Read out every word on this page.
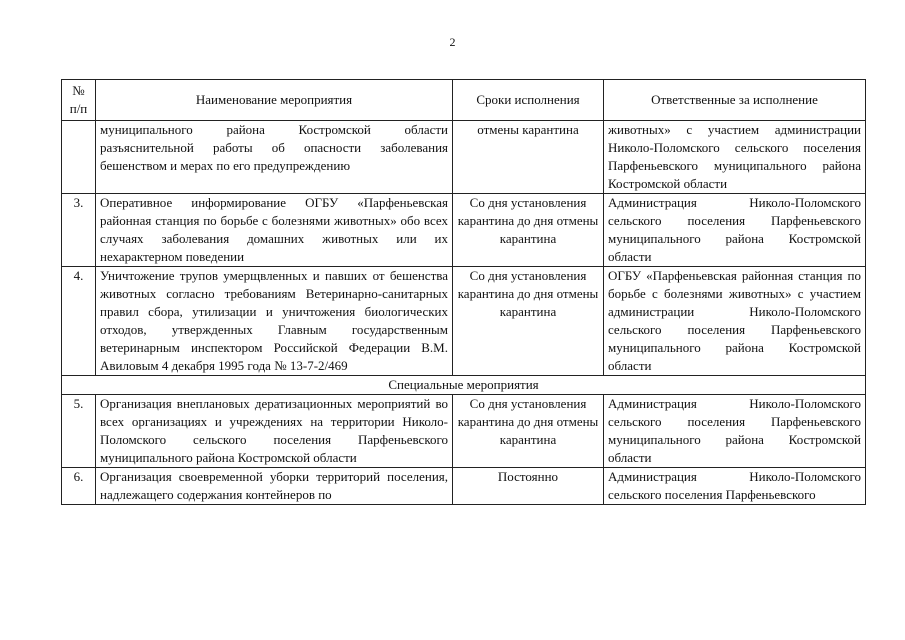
2
№ п/п	Наименование мероприятия	Сроки исполнения	Ответственные за исполнение
	муниципального района Костромской области разъяснительной работы об опасности заболевания бешенством и мерах по его предупреждению	отмены карантина	животных» с участием администрации Николо-Поломского сельского поселения Парфеньевского муниципального района Костромской области
3.	Оперативное информирование ОГБУ «Парфеньевская районная станция по борьбе с болезнями животных» обо всех случаях заболевания домашних животных или их нехарактерном поведении	Со дня установления карантина до дня отмены карантина	Администрация Николо-Поломского сельского поселения Парфеньевского муниципального района Костромской области
4.	Уничтожение трупов умерщвленных и павших от бешенства животных согласно требованиям Ветеринарно-санитарных правил сбора, утилизации и уничтожения биологических отходов, утвержденных Главным государственным ветеринарным инспектором Российской Федерации В.М. Авиловым 4 декабря 1995 года № 13-7-2/469	Со дня установления карантина до дня отмены карантина	ОГБУ «Парфеньевская районная станция по борьбе с болезнями животных» с участием администрации Николо-Поломского сельского поселения Парфеньевского муниципального района Костромской области
Специальные мероприятия			
5.	Организация внеплановых дератизационных мероприятий во всех организациях и учреждениях на территории Николо-Поломского сельского поселения Парфеньевского муниципального района Костромской области	Со дня установления карантина до дня отмены карантина	Администрация Николо-Поломского сельского поселения Парфеньевского муниципального района Костромской области
6.	Организация своевременной уборки территорий поселения, надлежащего содержания контейнеров по	Постоянно	Администрация Николо-Поломского сельского поселения Парфеньевского
